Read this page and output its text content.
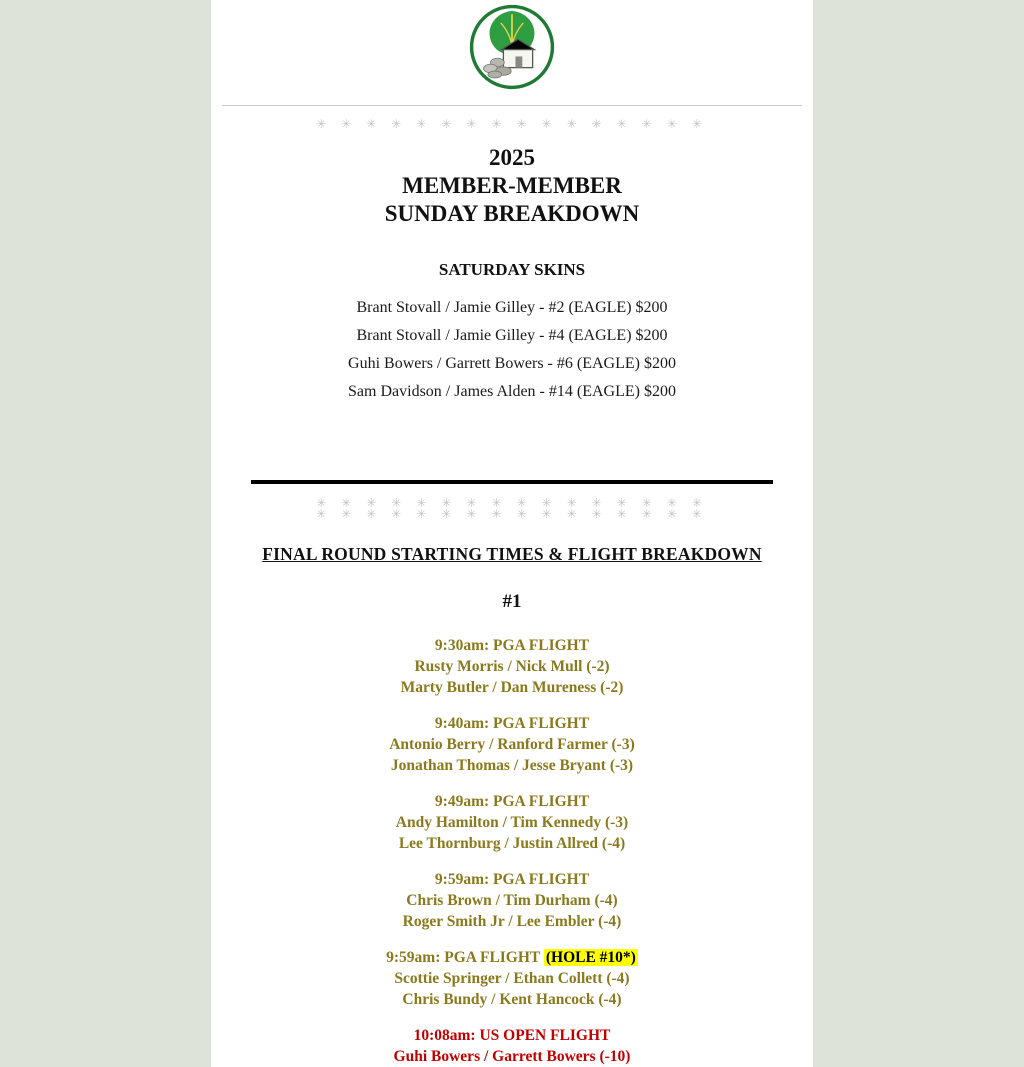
✳ ✳ ✳ ✳ ✳ ✳ ✳ ✳ ✳ ✳ ✳ ✳ ✳ ✳ ✳ ✳
2025
MEMBER-MEMBER
SUNDAY BREAKDOWN
SATURDAY SKINS
Brant Stovall / Jamie Gilley - #2 (EAGLE) $200
Brant Stovall / Jamie Gilley - #4 (EAGLE) $200
Guhi Bowers / Garrett Bowers - #6 (EAGLE) $200
Sam Davidson / James Alden - #14 (EAGLE) $200
✳ ✳ ✳ ✳ ✳ ✳ ✳ ✳ ✳ ✳ ✳ ✳ ✳ ✳ ✳ ✳
✳ ✳ ✳ ✳ ✳ ✳ ✳ ✳ ✳ ✳ ✳ ✳ ✳ ✳ ✳ ✳
FINAL ROUND STARTING TIMES & FLIGHT BREAKDOWN
#1
9:30am: PGA FLIGHT
Rusty Morris / Nick Mull (-2)
Marty Butler / Dan Mureness (-2)
9:40am: PGA FLIGHT
Antonio Berry / Ranford Farmer (-3)
Jonathan Thomas / Jesse Bryant (-3)
9:49am: PGA FLIGHT
Andy Hamilton / Tim Kennedy (-3)
Lee Thornburg / Justin Allred (-4)
9:59am: PGA FLIGHT
Chris Brown / Tim Durham (-4)
Roger Smith Jr / Lee Embler (-4)
9:59am: PGA FLIGHT (HOLE #10*)
Scottie Springer / Ethan Collett (-4)
Chris Bundy / Kent Hancock (-4)
10:08am: US OPEN FLIGHT
Guhi Bowers / Garrett Bowers (-10)
